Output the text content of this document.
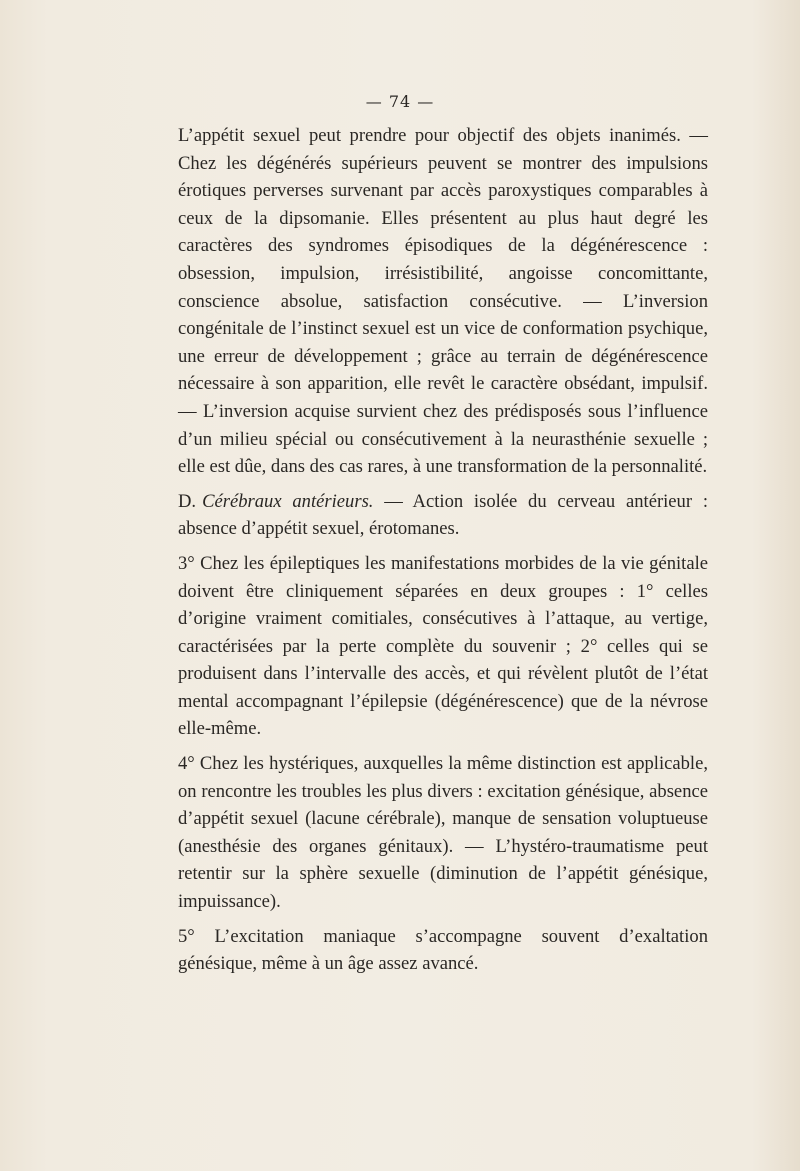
— 74 —

L’appétit sexuel peut prendre pour objectif des objets inanimés. — Chez les dégénérés supérieurs peuvent se montrer des impulsions érotiques perverses survenant par accès paroxystiques comparables à ceux de la dipsomanie. Elles présentent au plus haut degré les caractères des syndromes épisodiques de la dégénérescence : obsession, impulsion, irrésistibilité, angoisse concomittante, conscience absolue, satisfaction consécutive. — L’inversion congénitale de l’instinct sexuel est un vice de conformation psychique, une erreur de développement ; grâce au terrain de dégénérescence nécessaire à son apparition, elle revêt le caractère obsédant, impulsif. — L’inversion acquise survient chez des prédisposés sous l’influence d’un milieu spécial ou consécutivement à la neurasthénie sexuelle ; elle est dûe, dans des cas rares, à une transformation de la personnalité.

D. Cérébraux antérieurs. — Action isolée du cerveau antérieur : absence d’appétit sexuel, érotomanes.

3° Chez les épileptiques les manifestations morbides de la vie génitale doivent être cliniquement séparées en deux groupes : 1° celles d’origine vraiment comitiales, consécutives à l’attaque, au vertige, caractérisées par la perte complète du souvenir ; 2° celles qui se produisent dans l’intervalle des accès, et qui révèlent plutôt de l’état mental accompagnant l’épilepsie (dégénérescence) que de la névrose elle-même.

4° Chez les hystériques, auxquelles la même distinction est applicable, on rencontre les troubles les plus divers : excitation génésique, absence d’appétit sexuel (lacune cérébrale), manque de sensation voluptueuse (anesthésie des organes génitaux). — L’hystéro-traumatisme peut retentir sur la sphère sexuelle (diminution de l’appétit génésique, impuissance).

5° L’excitation maniaque s’accompagne souvent d’exaltation génésique, même à un âge assez avancé.
